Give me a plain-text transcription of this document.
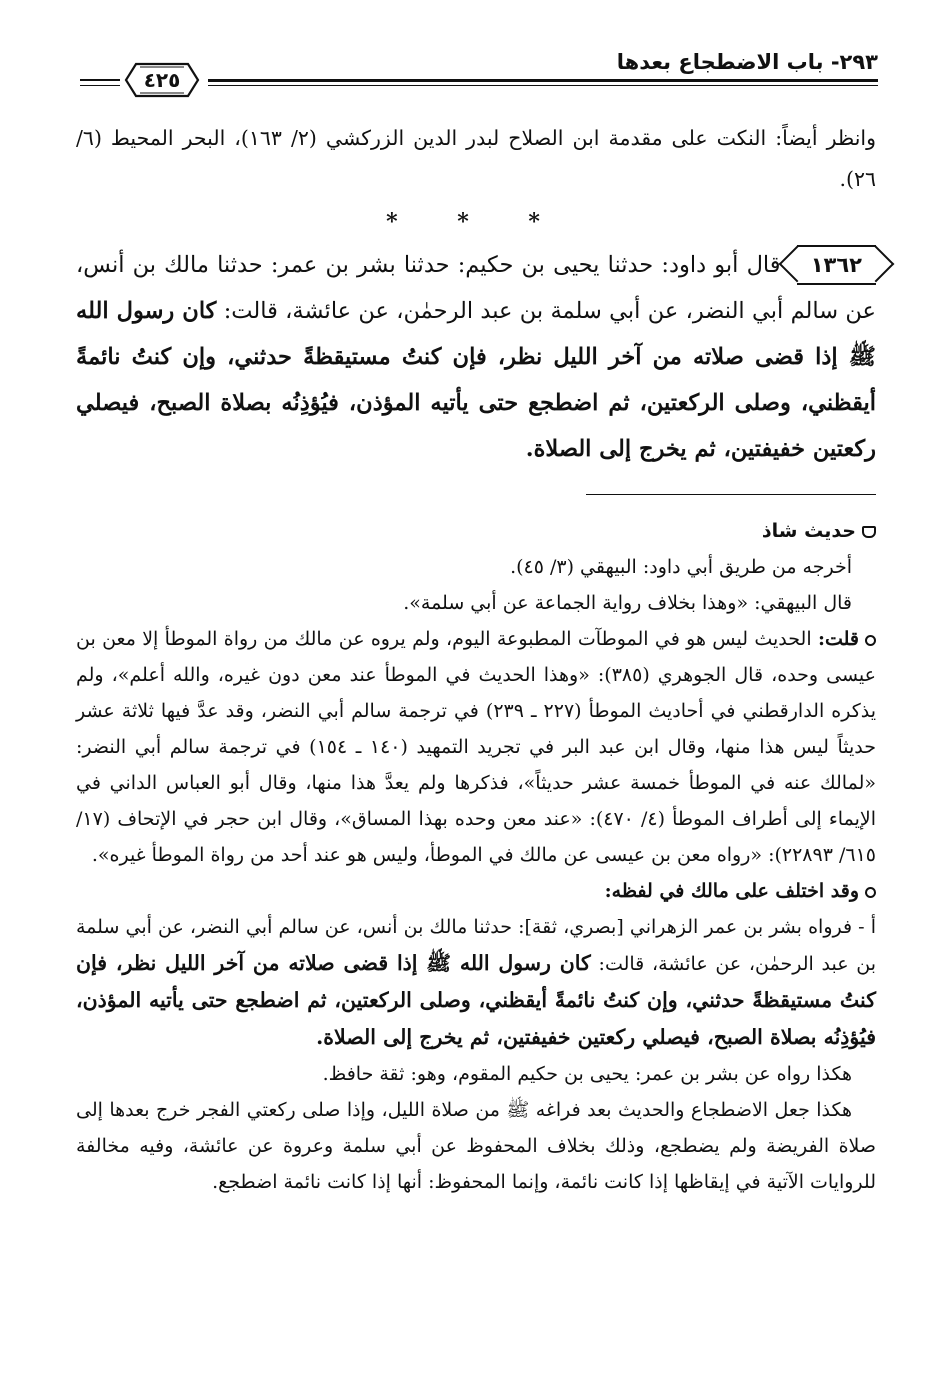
٢٩٣- باب الاضطجاع بعدها
٤٢٥

وانظر أيضاً: النكت على مقدمة ابن الصلاح لبدر الدين الزركشي (٢/ ١٦٣)، البحر المحيط (٦/ ٢٦).

* * *

١٣٦٢ قال أبو داود: حدثنا يحيى بن حكيم: حدثنا بشر بن عمر: حدثنا مالك بن أنس، عن سالم أبي النضر، عن أبي سلمة بن عبد الرحمٰن، عن عائشة، قالت: كان رسول الله ﷺ إذا قضى صلاته من آخر الليل نظر، فإن كنتُ مستيقظةً حدثني، وإن كنتُ نائمةً أيقظني، وصلى الركعتين، ثم اضطجع حتى يأتيه المؤذن، فيُؤذِنُه بصلاة الصبح، فيصلي ركعتين خفيفتين، ثم يخرج إلى الصلاة.

حديث شاذ

أخرجه من طريق أبي داود: البيهقي (٣/ ٤٥).

قال البيهقي: «وهذا بخلاف رواية الجماعة عن أبي سلمة».

قلت: الحديث ليس هو في الموطآت المطبوعة اليوم، ولم يروه عن مالك من رواة الموطأ إلا معن بن عيسى وحده، قال الجوهري (٣٨٥): «وهذا الحديث في الموطأ عند معن دون غيره، والله أعلم»، ولم يذكره الدارقطني في أحاديث الموطأ (٢٢٧ ـ ٢٣٩) في ترجمة سالم أبي النضر، وقد عدَّ فيها ثلاثة عشر حديثاً ليس هذا منها، وقال ابن عبد البر في تجريد التمهيد (١٤٠ ـ ١٥٤) في ترجمة سالم أبي النضر: «لمالك عنه في الموطأ خمسة عشر حديثاً»، فذكرها ولم يعدَّ هذا منها، وقال أبو العباس الداني في الإيماء إلى أطراف الموطأ (٤/ ٤٧٠): «عند معن وحده بهذا المساق»، وقال ابن حجر في الإتحاف (١٧/ ٦١٥/ ٢٢٨٩٣): «رواه معن بن عيسى عن مالك في الموطأ، وليس هو عند أحد من رواة الموطأ غيره».

وقد اختلف على مالك في لفظه:

أ - فرواه بشر بن عمر الزهراني [بصري، ثقة]: حدثنا مالك بن أنس، عن سالم أبي النضر، عن أبي سلمة بن عبد الرحمٰن، عن عائشة، قالت: كان رسول الله ﷺ إذا قضى صلاته من آخر الليل نظر، فإن كنتُ مستيقظةً حدثني، وإن كنتُ نائمةً أيقظني، وصلى الركعتين، ثم اضطجع حتى يأتيه المؤذن، فيُؤذِنُه بصلاة الصبح، فيصلي ركعتين خفيفتين، ثم يخرج إلى الصلاة.

هكذا رواه عن بشر بن عمر: يحيى بن حكيم المقوم، وهو: ثقة حافظ.

هكذا جعل الاضطجاع والحديث بعد فراغه ﷺ من صلاة الليل، وإذا صلى ركعتي الفجر خرج بعدها إلى صلاة الفريضة ولم يضطجع، وذلك بخلاف المحفوظ عن أبي سلمة وعروة عن عائشة، وفيه مخالفة للروايات الآتية في إيقاظها إذا كانت نائمة، وإنما المحفوظ: أنها إذا كانت نائمة اضطجع.
